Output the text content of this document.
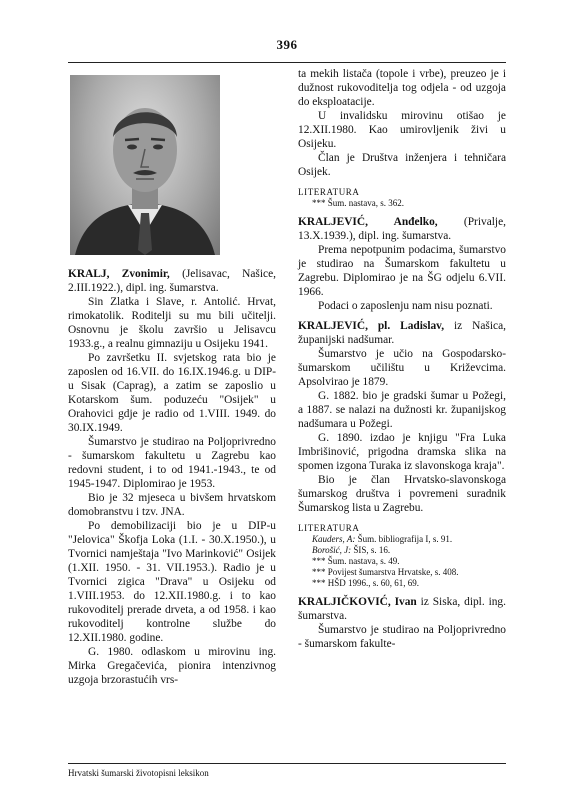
396

KRALJ, Zvonimir, (Jelisavac, Našice, 2.III.1922.), dipl. ing. šumarstva.

Sin Zlatka i Slave, r. Antolić. Hrvat, rimokatolik. Roditelji su mu bili učitelji. Osnovnu je školu završio u Jelisavcu 1933.g., a realnu gimnaziju u Osijeku 1941.

Po završetku II. svjetskog rata bio je zaposlen od 16.VII. do 16.IX.1946.g. u DIP-u Sisak (Caprag), a zatim se zaposlio u Kotarskom šum. poduzeću "Osijek" u Orahovici gdje je radio od 1.VIII. 1949. do 30.IX.1949.

Šumarstvo je studirao na Poljoprivredno - šumarskom fakultetu u Zagrebu kao redovni student, i to od 1941.-1943., te od 1945-1947. Diplomirao je 1953.

Bio je 32 mjeseca u bivšem hrvatskom domobranstvu i tzv. JNA.

Po demobilizaciji bio je u DIP-u "Jelovica" Škofja Loka (1.I. - 30.X.1950.), u Tvornici namještaja "Ivo Marinković" Osijek (1.XII. 1950. - 31. VII.1953.). Radio je u Tvornici zigica "Drava" u Osijeku od 1.VIII.1953. do 12.XII.1980.g. i to kao rukovoditelj prerade drveta, a od 1958. i kao rukovoditelj kontrolne službe do 12.XII.1980. godine.

G. 1980. odlaskom u mirovinu ing. Mirka Gregačevića, pionira intenzivnog uzgoja brzorastućih vrs-

ta mekih listača (topole i vrbe), preuzeo je i dužnost rukovoditelja tog odjela - od uzgoja do eksploatacije.

U invalidsku mirovinu otišao je 12.XII.1980. Kao umirovljenik živi u Osijeku.

Član je Društva inženjera i tehničara Osijek.

LITERATURA
*** Šum. nastava, s. 362.

KRALJEVIĆ, Anđelko, (Privalje, 13.X.1939.), dipl. ing. šumarstva.

Prema nepotpunim podacima, šumarstvo je studirao na Šumarskom fakultetu u Zagrebu. Diplomirao je na ŠG odjelu 6.VII. 1966.

Podaci o zaposlenju nam nisu poznati.

KRALJEVIĆ, pl. Ladislav, iz Našica, županijski nadšumar.

Šumarstvo je učio na Gospodarsko-šumarskom učilištu u Križevcima. Apsolvirao je 1879.

G. 1882. bio je gradski šumar u Požegi, a 1887. se nalazi na dužnosti kr. županijskog nadšumara u Požegi.

G. 1890. izdao je knjigu "Fra Luka Imbrišinović, prigodna dramska slika na spomen izgona Turaka iz slavonskoga kraja".

Bio je član Hrvatsko-slavonskoga šumarskog društva i povremeni suradnik Šumarskog lista u Zagrebu.

LITERATURA
Kauders, A: Šum. bibliografija I, s. 91.
Borošić, J: ŠIS, s. 16.
*** Šum. nastava, s. 49.
*** Povijest šumarstva Hrvatske, s. 408.
*** HŠD 1996., s. 60, 61, 69.

KRALJIČKOVIĆ, Ivan iz Siska, dipl. ing. šumarstva.

Šumarstvo je studirao na Poljoprivredno - šumarskom fakulte-

Hrvatski šumarski životopisni leksikon
